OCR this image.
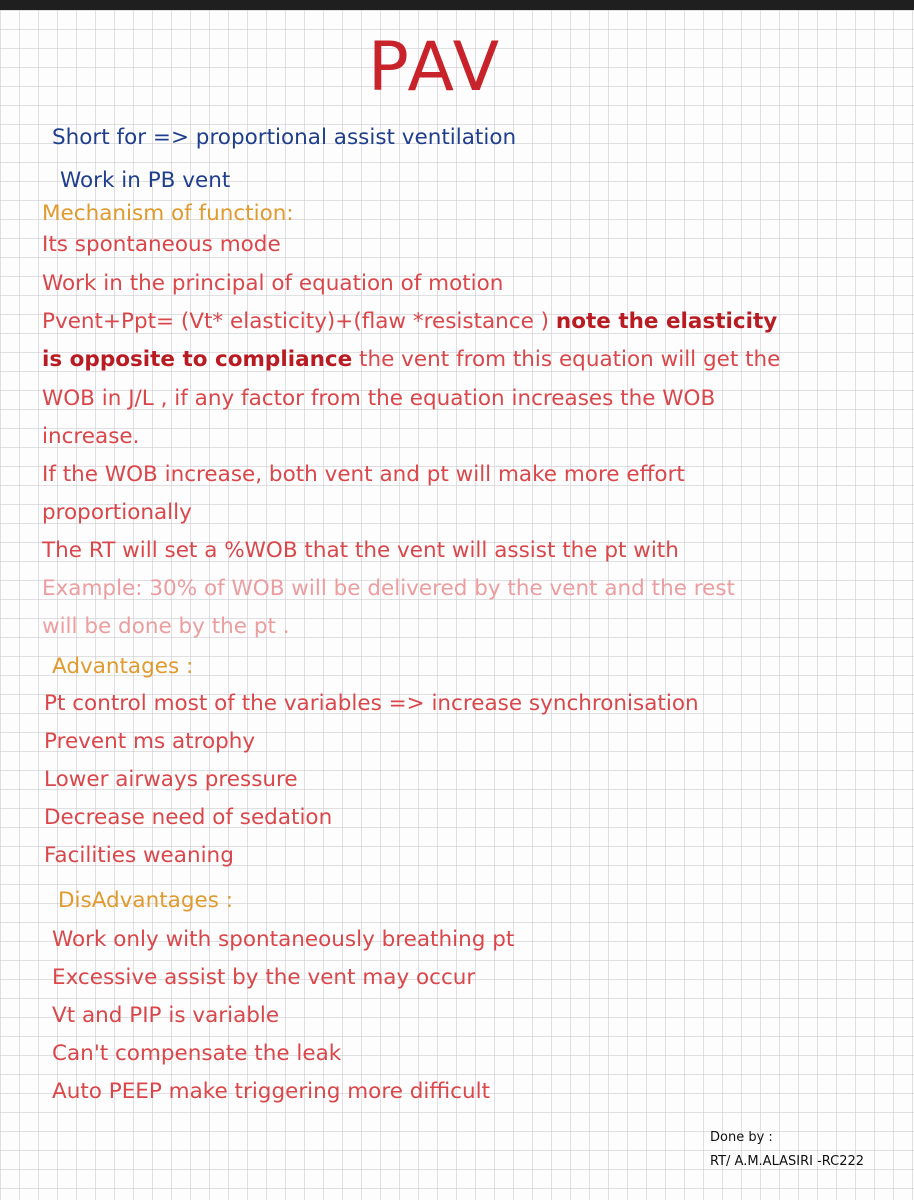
PAV
Short for => proportional assist ventilation
Work in PB vent
Mechanism of function:
Its spontaneous mode
Work in the principal of equation of motion
Pvent+Ppt= (Vt* elasticity)+(flaw *resistance ) note the elasticity
is opposite to compliance the vent from this equation will get the
WOB in J/L , if any factor from the equation increases the WOB
increase.
If the WOB increase, both vent and pt will make more effort
proportionally
The RT will set a %WOB that the vent will assist the pt with
Example: 30% of WOB will be delivered by the vent and the rest
will be done by the pt .
Advantages :
Pt control most of the variables => increase synchronisation
Prevent ms atrophy
Lower airways pressure
Decrease need of sedation
Facilities weaning
DisAdvantages :
Work only with spontaneously breathing pt
Excessive assist by the vent may occur
Vt and PIP is variable
Can't compensate the leak
Auto PEEP make triggering more difficult
Done by :
RT/ A.M.ALASIRI -RC222
